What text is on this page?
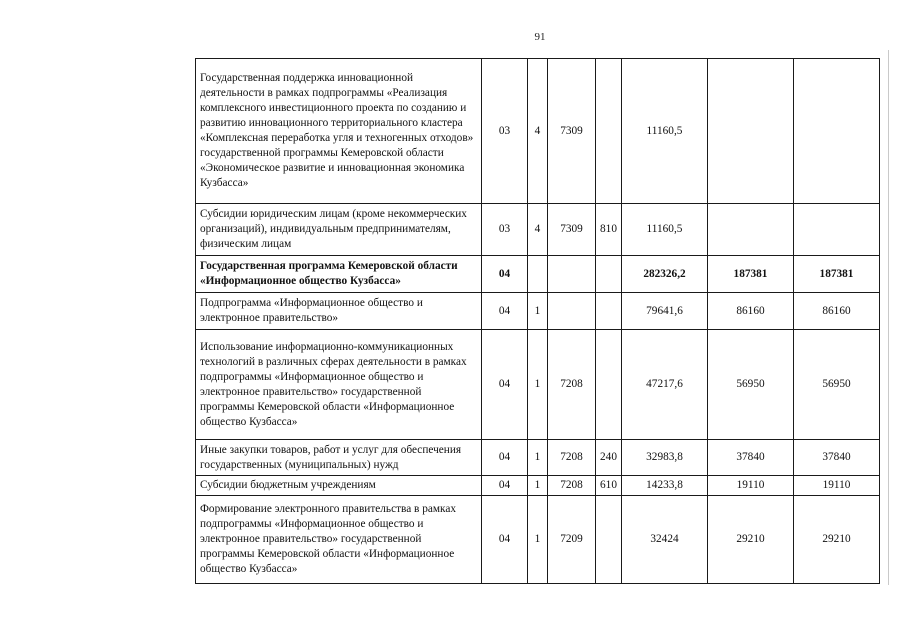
91
Государственная поддержка инновационной деятельности в рамках подпрограммы «Реализация комплексного инвестиционного проекта по созданию и развитию инновационного территориального кластера «Комплексная переработка угля и техногенных отходов» государственной программы Кемеровской области «Экономическое развитие и инновационная экономика Кузбасса»	03	4	7309		11160,5		
Субсидии юридическим лицам (кроме некоммерческих организаций), индивидуальным предпринимателям, физическим лицам	03	4	7309	810	11160,5		
Государственная программа Кемеровской области «Информационное общество Кузбасса»	04				282326,2	187381	187381
Подпрограмма «Информационное общество и электронное правительство»	04	1			79641,6	86160	86160
Использование информационно-коммуникационных технологий в различных сферах деятельности в рамках подпрограммы «Информационное общество и электронное правительство» государственной программы Кемеровской области «Информационное общество Кузбасса»	04	1	7208		47217,6	56950	56950
Иные закупки товаров, работ и услуг для обеспечения государственных (муниципальных) нужд	04	1	7208	240	32983,8	37840	37840
Субсидии бюджетным учреждениям	04	1	7208	610	14233,8	19110	19110
Формирование электронного правительства в рамках подпрограммы «Информационное общество и электронное правительство» государственной программы Кемеровской области «Информационное общество Кузбасса»	04	1	7209		32424	29210	29210
